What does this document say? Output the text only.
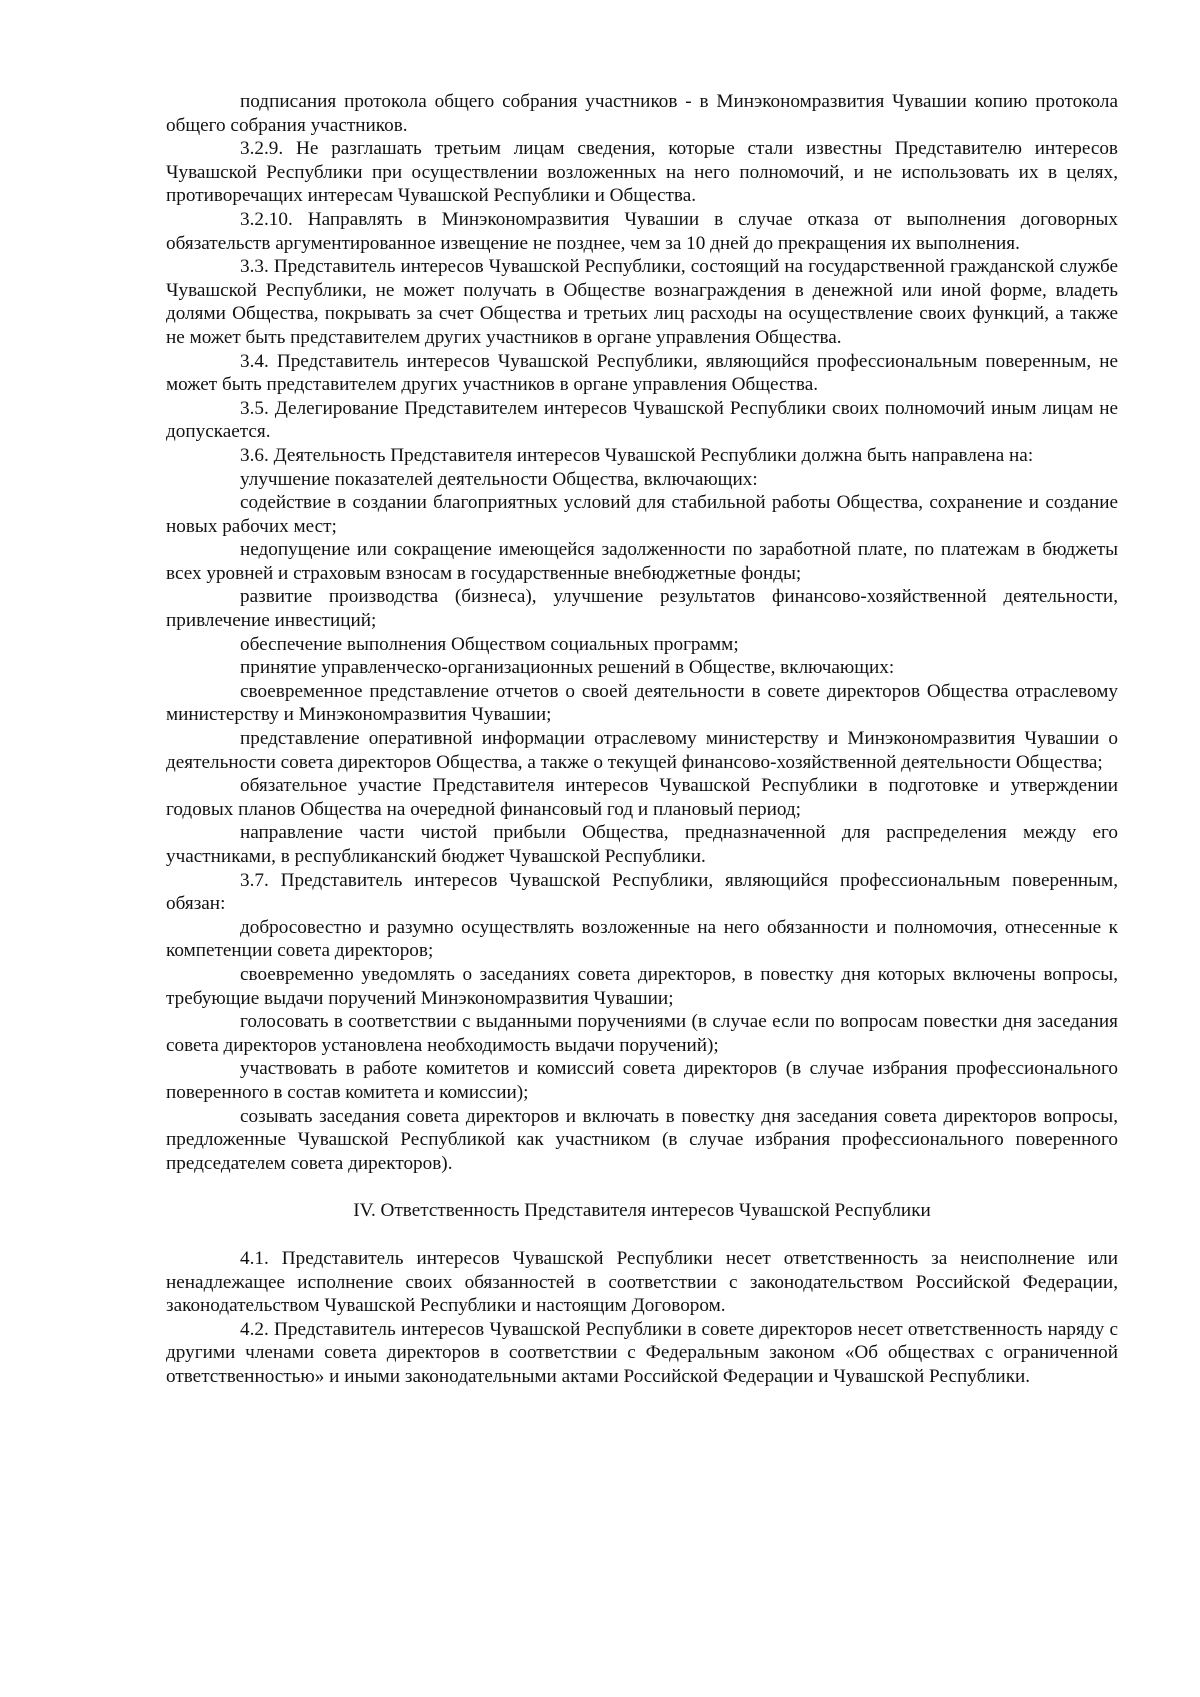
подписания протокола общего собрания участников - в Минэкономразвития Чувашии копию протокола общего собрания участников.

3.2.9. Не разглашать третьим лицам сведения, которые стали известны Представителю интересов Чувашской Республики при осуществлении возложенных на него полномочий, и не использовать их в целях, противоречащих интересам Чувашской Республики и Общества.

3.2.10. Направлять в Минэкономразвития Чувашии в случае отказа от выполнения договорных обязательств аргументированное извещение не позднее, чем за 10 дней до прекращения их выполнения.

3.3. Представитель интересов Чувашской Республики, состоящий на государственной гражданской службе Чувашской Республики, не может получать в Обществе вознаграждения в денежной или иной форме, владеть долями Общества, покрывать за счет Общества и третьих лиц расходы на осуществление своих функций, а также не может быть представителем других участников в органе управления Общества.

3.4. Представитель интересов Чувашской Республики, являющийся профессиональным поверенным, не может быть представителем других участников в органе управления Общества.

3.5. Делегирование Представителем интересов Чувашской Республики своих полномочий иным лицам не допускается.

3.6. Деятельность Представителя интересов Чувашской Республики должна быть направлена на:

улучшение показателей деятельности Общества, включающих:

содействие в создании благоприятных условий для стабильной работы Общества, сохранение и создание новых рабочих мест;

недопущение или сокращение имеющейся задолженности по заработной плате, по платежам в бюджеты всех уровней и страховым взносам в государственные внебюджетные фонды;

развитие производства (бизнеса), улучшение результатов финансово-хозяйственной деятельности, привлечение инвестиций;

обеспечение выполнения Обществом социальных программ;

принятие управленческо-организационных решений в Обществе, включающих:

своевременное представление отчетов о своей деятельности в совете директоров Общества отраслевому министерству и Минэкономразвития Чувашии;

представление оперативной информации отраслевому министерству и Минэкономразвития Чувашии о деятельности совета директоров Общества, а также о текущей финансово-хозяйственной деятельности Общества;

обязательное участие Представителя интересов Чувашской Республики в подготовке и утверждении годовых планов Общества на очередной финансовый год и плановый период;

направление части чистой прибыли Общества, предназначенной для распределения между его участниками, в республиканский бюджет Чувашской Республики.

3.7. Представитель интересов Чувашской Республики, являющийся профессиональным поверенным, обязан:

добросовестно и разумно осуществлять возложенные на него обязанности и полномочия, отнесенные к компетенции совета директоров;

своевременно уведомлять о заседаниях совета директоров, в повестку дня которых включены вопросы, требующие выдачи поручений Минэкономразвития Чувашии;

голосовать в соответствии с выданными поручениями (в случае если по вопросам повестки дня заседания совета директоров установлена необходимость выдачи поручений);

участвовать в работе комитетов и комиссий совета директоров (в случае избрания профессионального поверенного в состав комитета и комиссии);

созывать заседания совета директоров и включать в повестку дня заседания совета директоров вопросы, предложенные Чувашской Республикой как участником (в случае избрания профессионального поверенного председателем совета директоров).

IV. Ответственность Представителя интересов Чувашской Республики

4.1. Представитель интересов Чувашской Республики несет ответственность за неисполнение или ненадлежащее исполнение своих обязанностей в соответствии с законодательством Российской Федерации, законодательством Чувашской Республики и настоящим Договором.

4.2. Представитель интересов Чувашской Республики в совете директоров несет ответственность наряду с другими членами совета директоров в соответствии с Федеральным законом «Об обществах с ограниченной ответственностью» и иными законодательными актами Российской Федерации и Чувашской Республики.
